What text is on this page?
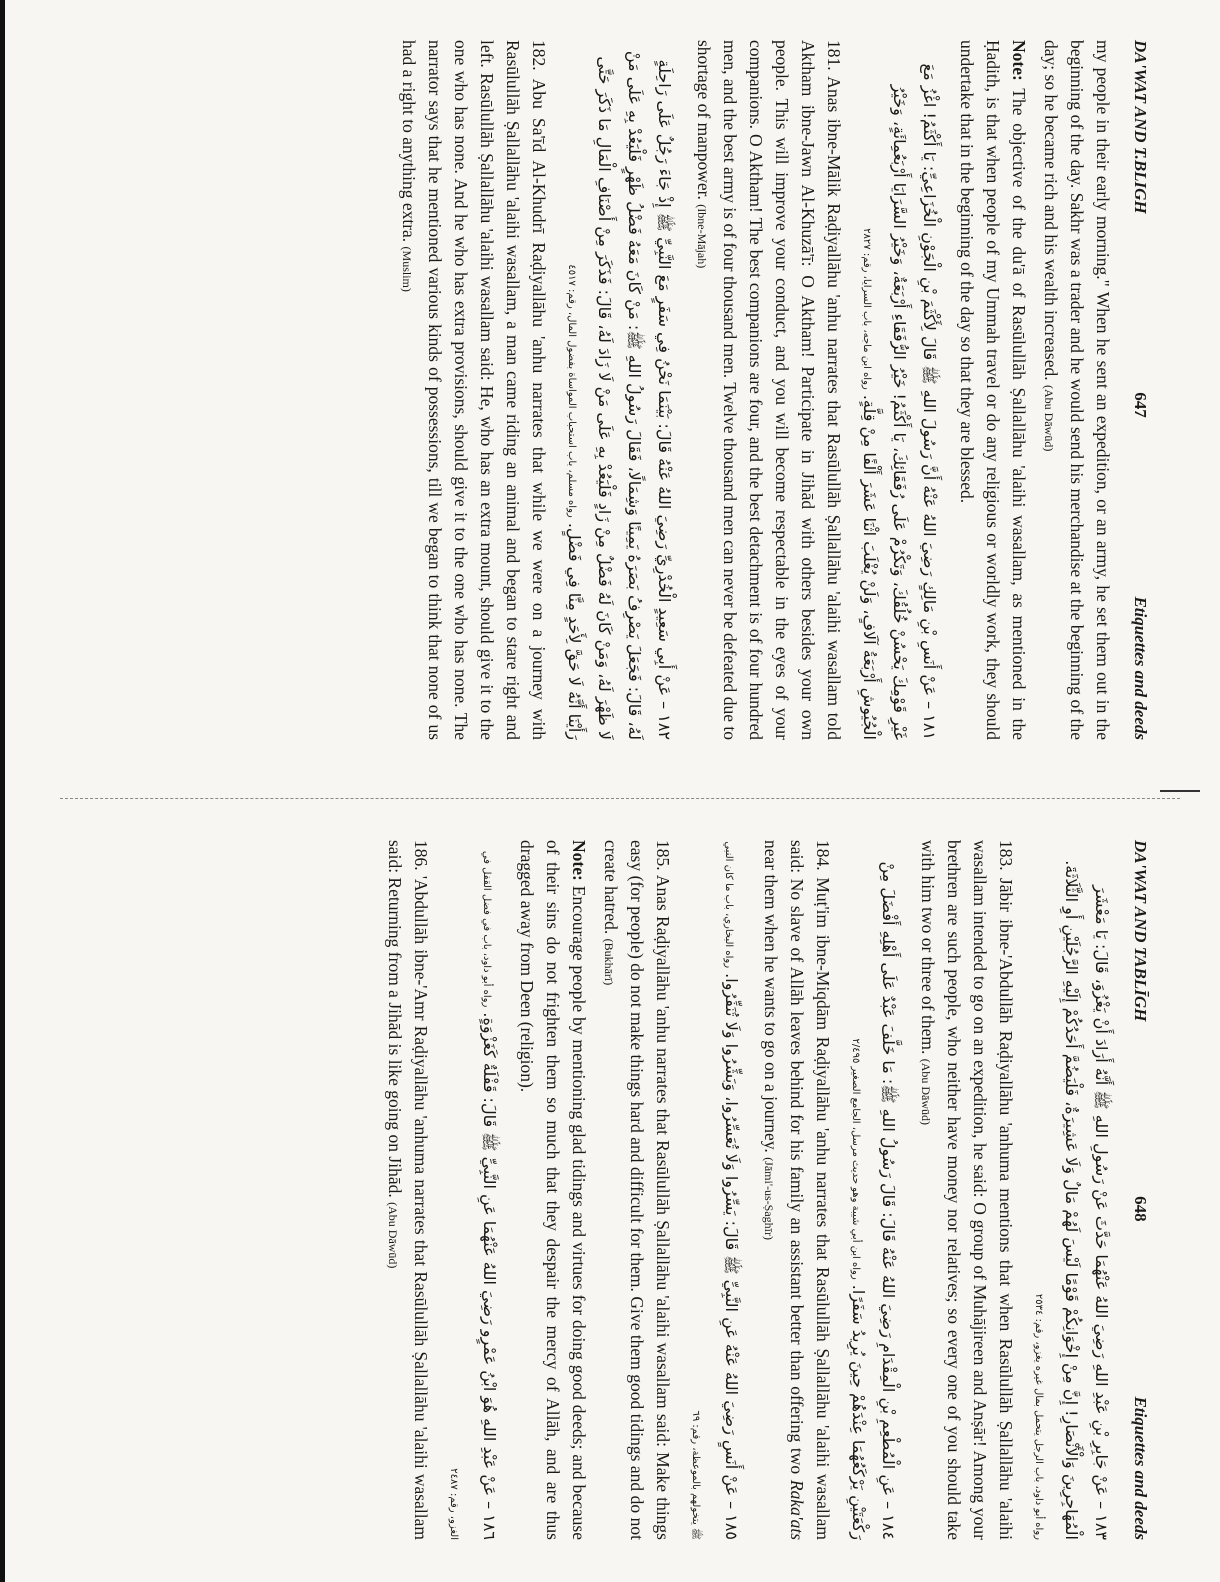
DA'WAT AND T.BLIGH
647
Etiquettes and deeds

my people in their early morning." When he sent an expedition, or an army, he set them out in the beginning of the day. Sakhr was a trader and he would send his merchandise at the beginning of the day; so he became rich and his wealth increased. (Abu Dāwūd)

Note: The objective of the du'ā of Rasūlullāh Ṣallallāhu 'alaihi wasallam, as mentioned in the Ḥadith, is that when people of my Ummah travel or do any religious or worldly work, they should undertake that in the beginning of the day so that they are blessed.

١٨١ – عَنْ أَنَسِ بْنِ مَالِكٍ رَضِيَ اللهُ عَنْهُ أَنَّ رَسُولَ اللهِ ﷺ قَالَ لِأَكْثَمَ بْنِ الْجَوْنِ الْخُزَاعِيِّ: يَا أَكْثَمُ! اغْزُ مَعَ غَيْرِ قَوْمِكَ يَحْسُنْ خُلُقُكَ، وَتَكْرُمْ عَلَى رُفَقَائِكَ، يَا أَكْثَمُ! خَيْرُ الرُّفَقَاءِ أَرْبَعَةٌ، وَخَيْرُ السَّرَايَا أَرْبَعُمِائَةٍ، وَخَيْرُ الْجُيُوشِ أَرْبَعَةُ آلَافٍ، وَلَنْ يُغْلَبَ اثْنَا عَشَرَ أَلْفًا مِنْ قِلَّةٍ. رواه ابن ماجه، باب السرايا، رقم: ٢٨٢٧

181. Anas ibne-Mālik Raḍiyallāhu 'anhu narrates that Rasūlullāh Ṣallallāhu 'alaihi wasallam told Aktham ibne-Jawn Al-Khuzā'ī: O Aktham! Participate in Jihād with others besides your own people. This will improve your conduct, and you will become respectable in the eyes of your companions. O Aktham! The best companions are four, and the best detachment is of four hundred men, and the best army is of four thousand men. Twelve thousand men can never be defeated due to shortage of manpower. (Ibne-Mājah)

١٨٢ – عَنْ أَبِي سَعِيدٍ الْخُدْرِيِّ رَضِيَ اللهُ عَنْهُ قَالَ: بَيْنَمَا نَحْنُ فِي سَفَرٍ مَعَ النَّبِيِّ ﷺ إِذْ جَاءَ رَجُلٌ عَلَى رَاحِلَةٍ لَهُ، قَالَ: فَجَعَلَ يَصْرِفُ بَصَرَهُ يَمِينًا وَشِمَالًا، فَقَالَ رَسُولُ اللهِ ﷺ: مَنْ كَانَ مَعَهُ فَضْلُ ظَهْرٍ فَلْيَعُدْ بِهِ عَلَى مَنْ لَا ظَهْرَ لَهُ، وَمَنْ كَانَ لَهُ فَضْلٌ مِنْ زَادٍ فَلْيَعُدْ بِهِ عَلَى مَنْ لَا زَادَ لَهُ، قَالَ: فَذَكَرَ مِنْ أَصْنَافِ الْمَالِ مَا ذَكَرَ حَتَّى رَأَيْنَا أَنَّهُ لَا حَقَّ لِأَحَدٍ مِنَّا فِي فَضْلٍ. رواه مسلم، باب استحباب المواساة بفضول المال، رقم: ٤٥١٧

182. Abu Sa'īd Al-Khudrī Raḍiyallāhu 'anhu narrates that while we were on a journey with Rasūlullāh Ṣallallāhu 'alaihi wasallam, a man came riding an animal and began to stare right and left. Rasūlullāh Ṣallallāhu 'alaihi wasallam said: He, who has an extra mount, should give it to the one who has none. And he who has extra provisions, should give it to the one who has none. The narrator says that he mentioned various kinds of possessions, till we began to think that none of us had a right to anything extra. (Muslim)

DA'WAT AND TABLĪGH
648
Etiquettes and deeds
١٨٣ – عَنْ جَابِرِ بْنِ عَبْدِ اللهِ رَضِيَ اللهُ عَنْهُمَا حَدَّثَ عَنْ رَسُولِ اللهِ ﷺ أَنَّهُ أَرَادَ أَنْ يَغْزُوَ، قَالَ: يَا مَعْشَرَ الْمُهَاجِرِينَ وَالْأَنْصَارِ! إِنَّ مِنْ إِخْوَانِكُمْ قَوْمًا لَيْسَ لَهُمْ مَالٌ وَلَا عَشِيرَةٌ، فَلْيَضُمَّ أَحَدُكُمْ إِلَيْهِ الرَّجُلَيْنِ أَوِ الثَّلَاثَةَ. رواه أبو داود، باب الرجل يتحمل بمال غيره يغزو، رقم: ٢٥٣٤

183. Jābir ibne-'Abdullāh Raḍiyallāhu 'anhuma mentions that when Rasūlullāh Ṣallallāhu 'alaihi wasallam intended to go on an expedition, he said: O group of Muhājireen and Anṣār! Among your brethren are such people, who neither have money nor relatives; so every one of you should take with him two or three of them. (Abu Dāwūd)

١٨٤ – عَنِ الْمُطْعِمِ بْنِ الْمِقْدَامِ رَضِيَ اللهُ عَنْهُ قَالَ: قَالَ رَسُولُ اللهِ ﷺ: مَا خَلَّفَ عَبْدٌ عَلَى أَهْلِهِ أَفْضَلَ مِنْ رَكْعَتَيْنِ يَرْكَعُهُمَا عِنْدَهُمْ حِينَ يُرِيدُ سَفَرًا. رواه ابن أبي شيبة وهو حديث مرسل، الجامع الصغير ٢/٤٩٥

184. Muṭ'im ibne-Miqdām Raḍiyallāhu 'anhu narrates that Rasūlullāh Ṣallallāhu 'alaihi wasallam said: No slave of Allāh leaves behind for his family an assistant better than offering two Raka'ats near them when he wants to go on a journey. (Jāmi'-us-Ṣaghīr)

١٨٥ – عَنْ أَنَسٍ رَضِيَ اللهُ عَنْهُ عَنِ النَّبِيِّ ﷺ قَالَ: يَسِّرُوا وَلَا تُعَسِّرُوا، وَبَشِّرُوا وَلَا تُنَفِّرُوا. رواه البخاري، باب ما كان النبي ﷺ يتخولهم بالموعظة، رقم: ٦٩

185. Anas Raḍiyallāhu 'anhu narrates that Rasūlullāh Ṣallallāhu 'alaihi wasallam said: Make things easy (for people) do not make things hard and difficult for them. Give them good tidings and do not create hatred. (Bukhārī)

Note: Encourage people by mentioning glad tidings and virtues for doing good deeds; and because of their sins do not frighten them so much that they despair the mercy of Allāh, and are thus dragged away from Deen (religion).

١٨٦ – عَنْ عَبْدِ اللهِ هُوَ ابْنُ عَمْرٍو رَضِيَ اللهُ عَنْهُمَا عَنِ النَّبِيِّ ﷺ قَالَ: قَفْلَةٌ كَغَزْوَةٍ. رواه أبو داود، باب في فضل القفل في الغزو، رقم: ٢٤٨٧

186. 'Abdullāh ibne-'Amr Raḍiyallāhu 'anhuma narrates that Rasūlullāh Ṣallallāhu 'alaihi wasallam said: Returning from a Jihād is like going on Jihād. (Abu Dāwūd)
